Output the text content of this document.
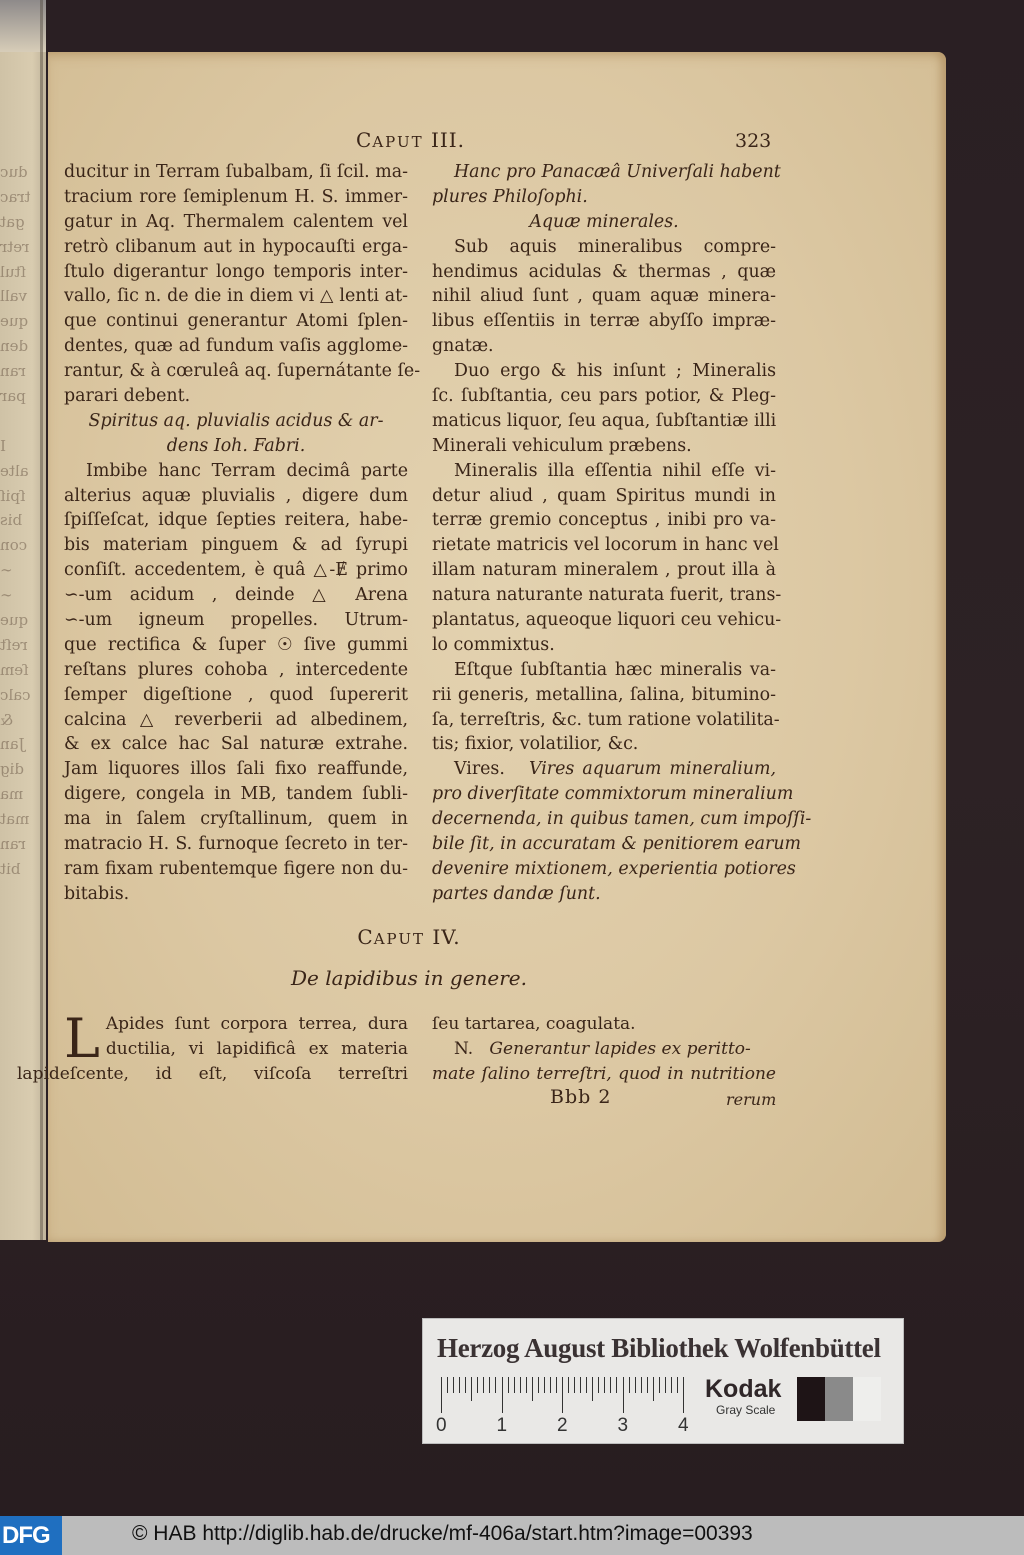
duc
trac
gat
retr
ſtul
vall
que
den
ran
par
I
alte
ſpiſ
bis
con
∽
∽
que
reſt
ſem
calc
&
Jan
dig
ma
mat
ran
bit
CAPUT III.	323
ducitur in Terram ſubalbam, ſi ſcil. ma-
tracium rore ſemiplenum H. S. immer-
gatur in Aq. Thermalem calentem vel
retrò clibanum aut in hypocauſti erga-
ſtulo digerantur longo temporis inter-
vallo, ſic n. de die in diem vi △ lenti at-
que continui generantur Atomi ſplen-
dentes, quæ ad fundum vaſis agglome-
rantur, & à cœruleâ aq. ſupernátante ſe-
parari debent.
Spiritus aq. pluvialis acidus & ar-
dens Ioh. Fabri.
Imbibe hanc Terram decimâ parte
alterius aquæ pluvialis , digere dum
ſpiſſeſcat, idque ſepties reitera, habe-
bis materiam pinguem & ad ſyrupi
conſiſt. accedentem, è quâ △-Ɇ primo
∽-um acidum , deinde △ Arena
∽-um igneum propelles. Utrum-
que rectifica & ſuper ☉ ſive gummi
reſtans plures cohoba , intercedente
ſemper digeſtione , quod ſupererit
calcina △ reverberii ad albedinem,
& ex calce hac Sal naturæ extrahe.
Jam liquores illos ſali fixo reaffunde,
digere, congela in MB, tandem ſubli-
ma in ſalem cryſtallinum, quem in
matracio H. S. furnoque ſecreto in ter-
ram fixam rubentemque figere non du-
bitabis.
Hanc pro Panacæâ Univerſali habent
plures Philoſophi.
Aquæ minerales.
Sub aquis mineralibus compre-
hendimus acidulas & thermas , quæ
nihil aliud ſunt , quam aquæ minera-
libus eſſentiis in terræ abyſſo impræ-
gnatæ.
Duo ergo & his inſunt ; Mineralis
ſc. ſubſtantia, ceu pars potior, & Pleg-
maticus liquor, ſeu aqua, ſubſtantiæ illi
Minerali vehiculum præbens.
Mineralis illa eſſentia nihil eſſe vi-
detur aliud , quam Spiritus mundi in
terræ gremio conceptus , inibi pro va-
rietate matricis vel locorum in hanc vel
illam naturam mineralem , prout illa à
natura naturante naturata fuerit, trans-
plantatus, aqueoque liquori ceu vehicu-
lo commixtus.
Eſtque ſubſtantia hæc mineralis va-
rii generis, metallina, ſalina, bitumino-
ſa, terreſtris, &c. tum ratione volatilita-
tis; fixior, volatilior, &c.
Vires. Vires aquarum mineralium,
pro diverſitate commixtorum mineralium
decernenda, in quibus tamen, cum impoſſi-
bile ſit, in accuratam & penitiorem earum
devenire mixtionem, experientia potiores
partes dandæ ſunt.
CAPUT IV.
De lapidibus in genere.
L Apides ſunt corpora terrea, dura
ductilia, vi lapidificâ ex materia
lapideſcente, id eſt, viſcoſa terreſtri
ſeu tartarea, coagulata.
N. Generantur lapides ex peritto-
mate ſalino terreſtri, quod in nutritione
Bbb 2	rerum
Herzog August Bibliothek Wolfenbüttel
0	1	2	3	4
Kodak
Gray Scale
DFG	© HAB http://diglib.hab.de/drucke/mf-406a/start.htm?image=00393
